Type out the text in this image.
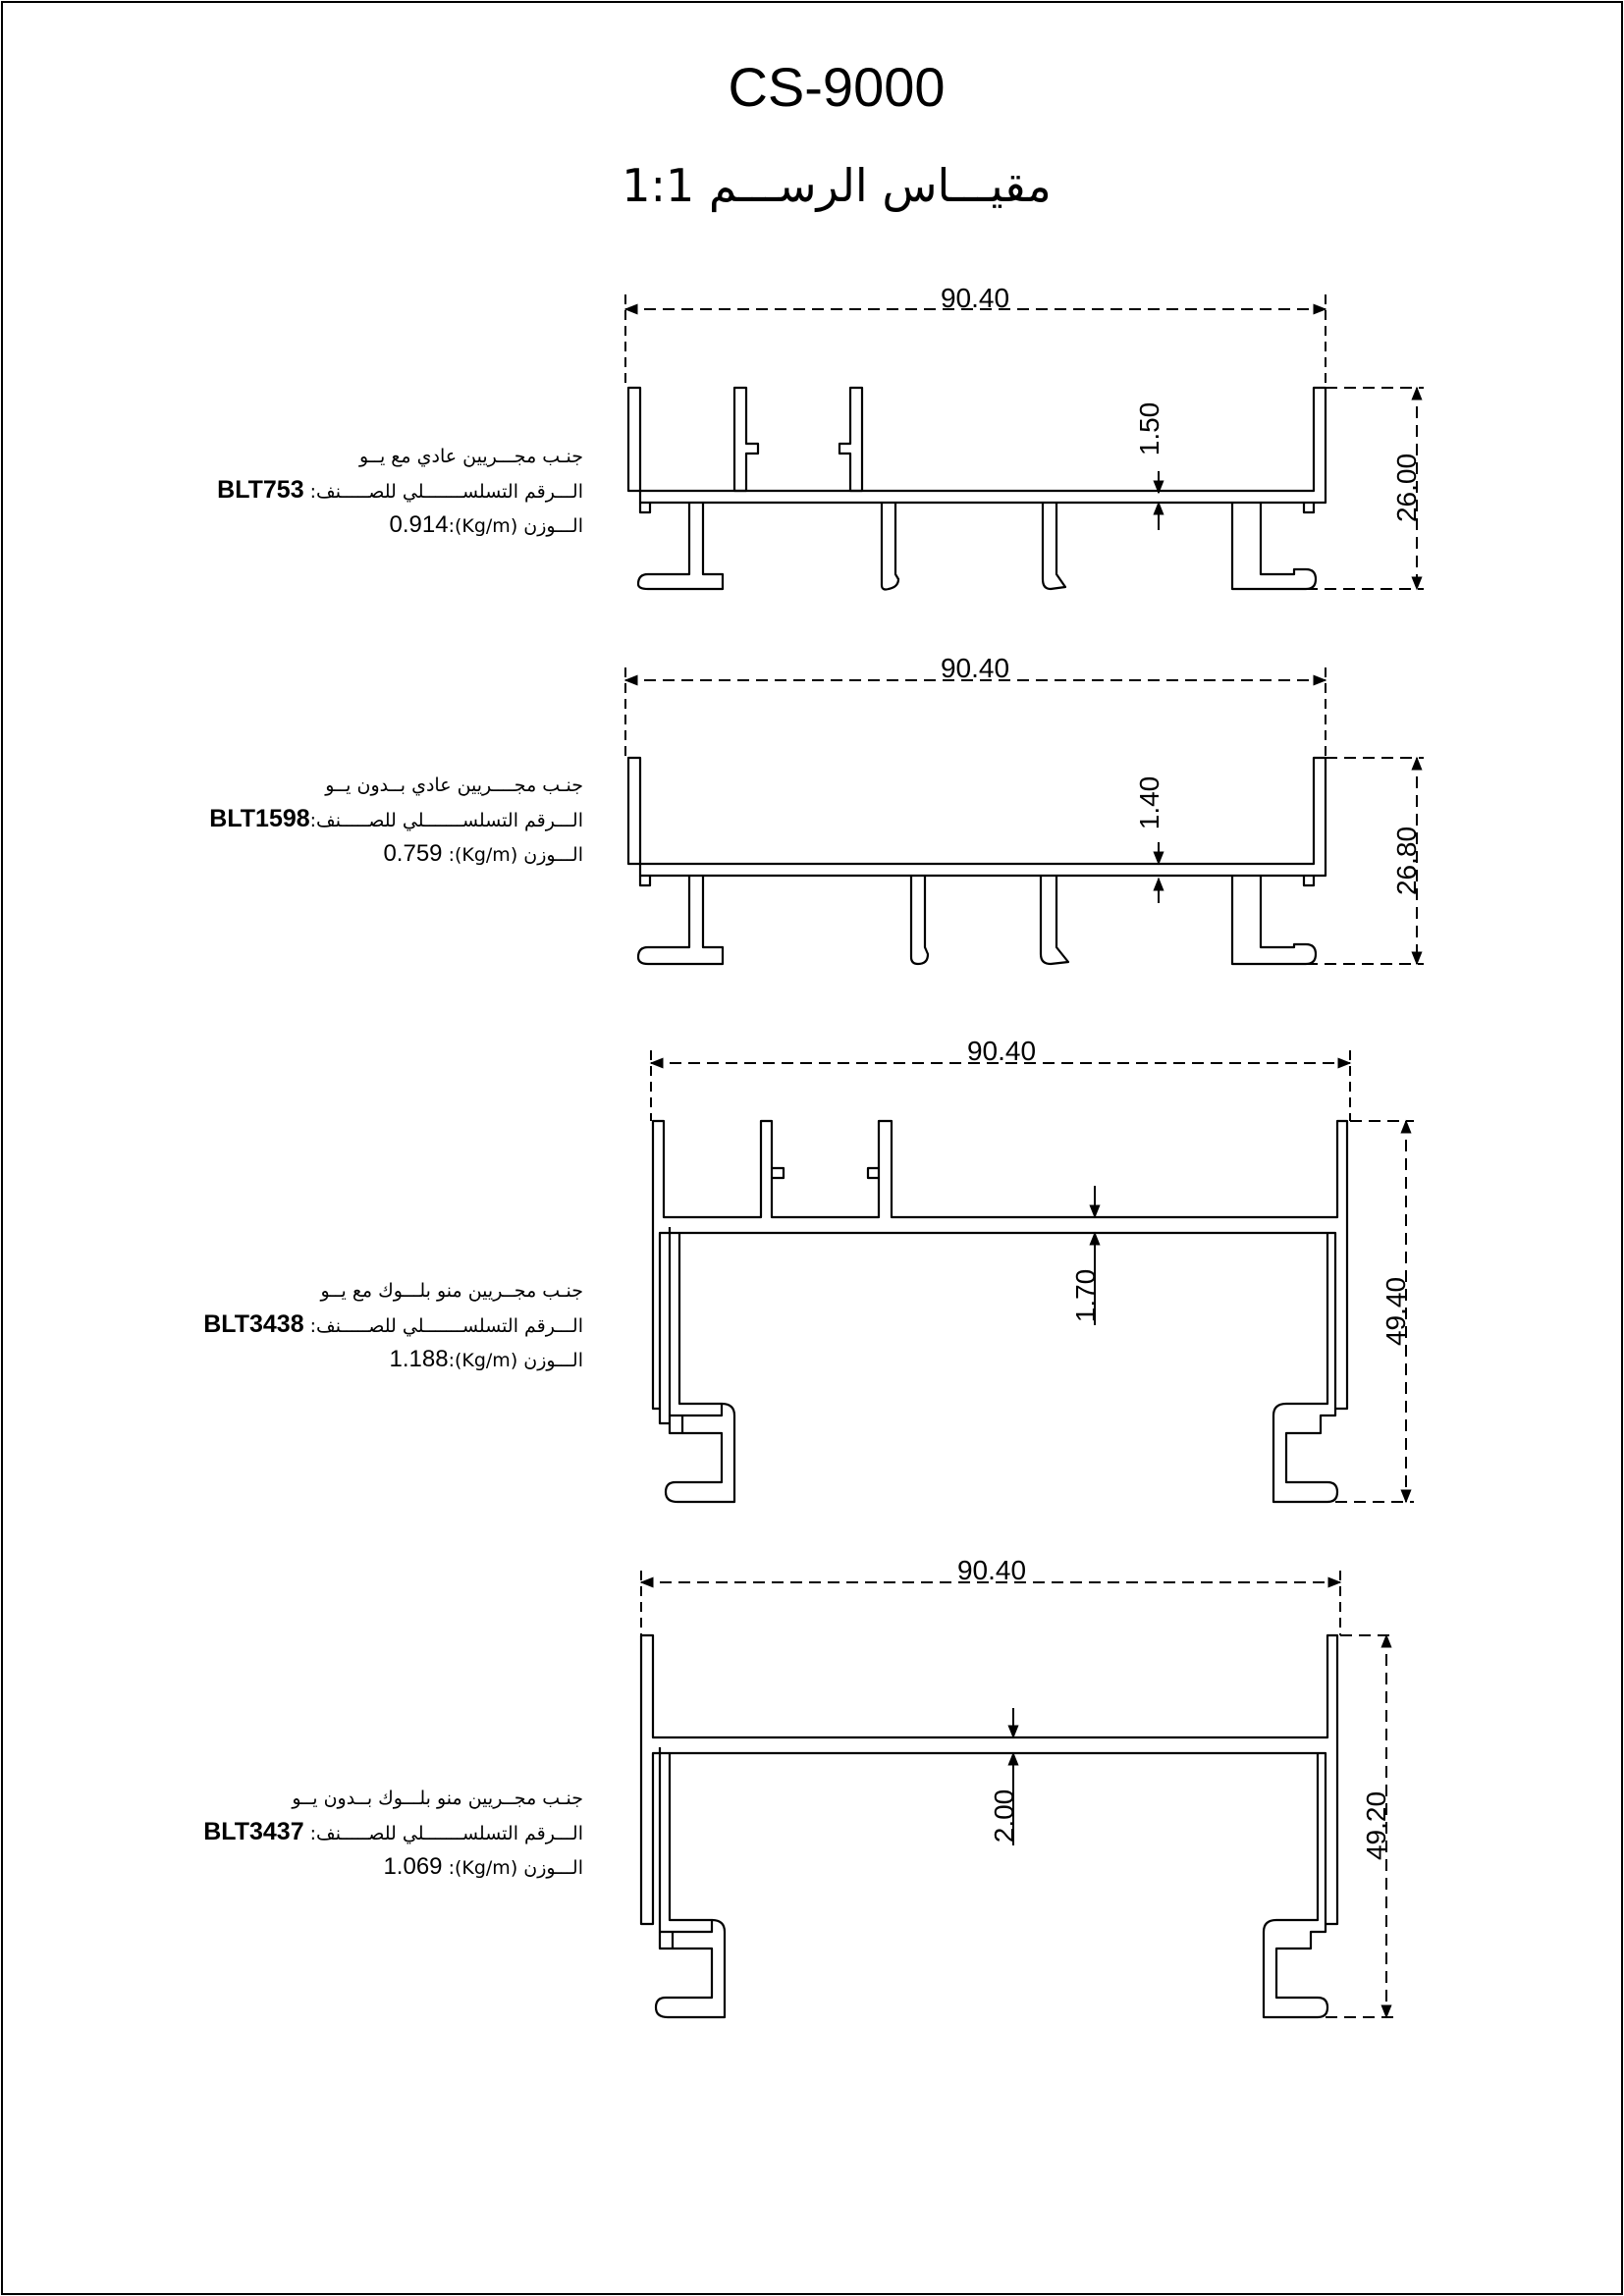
CS-9000
مقيـــاس الرســـم 1:1
90.40
26.00
1.50
90.40
26.80
1.40
90.40
49.40
1.70
90.40
49.20
2.00
جنـب مجـــريين عادي مع يــو
الـــرقم التسلســـــــلي للصـــــنف: BLT753
الـــوزن (Kg/m):0.914
جنـب مجــــريين عادي بــدون يــو
الـــرقم التسلســـــــلي للصـــــنف:BLT1598
الـــوزن (Kg/m): 0.759
جنـب مجــريين منو بلـــوك مع يــو
الـــرقم التسلســـــــلي للصـــــنف: BLT3438
الـــوزن (Kg/m):1.188
جنـب مجــريين منو بلـــوك بــدون يــو
الـــرقم التسلســـــــلي للصـــــنف: BLT3437
الـــوزن (Kg/m): 1.069
